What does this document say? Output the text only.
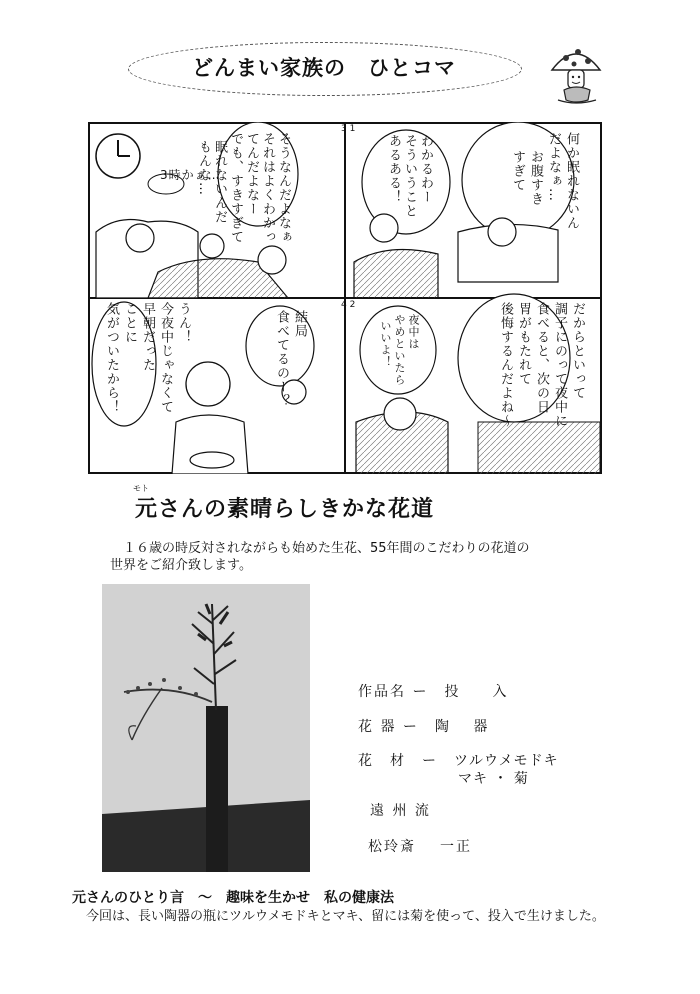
どんまい家族の　ひとコマ
3時かぁ…	そうなんだよなぁ
それはよくわかっ
てんだよなー
でも、すきすぎて
眠れないんだ
もんな…
3 1
4 2
わかるわー
そういうこと
あるある！	何か眠れないん
だよなぁ…
お腹すき
すぎて
うん！
今夜中じゃなくて
早朝だった
ことに
気がついたから！	結局
食べてるのー？	夜中は
やめといたら
いいよ！	だからといって
調子にのって夜中に
食べると、次の日
胃がもたれて
後悔するんだよね〜
モト
元さんの素晴らしきかな花道
　１６歳の時反対されながらも始めた生花、55年間のこだわりの花道の
世界をご紹介致します。
作品名 ー　投　　入
花 器 ー　陶　 器
花　材　ー ツルウメモドキ
マキ ・ 菊
遠 州 流
松玲斎 一正
元さんのひとり言　～　趣味を生かせ　私の健康法
今回は、長い陶器の瓶にツルウメモドキとマキ、留には菊を使って、投入で生けました。
